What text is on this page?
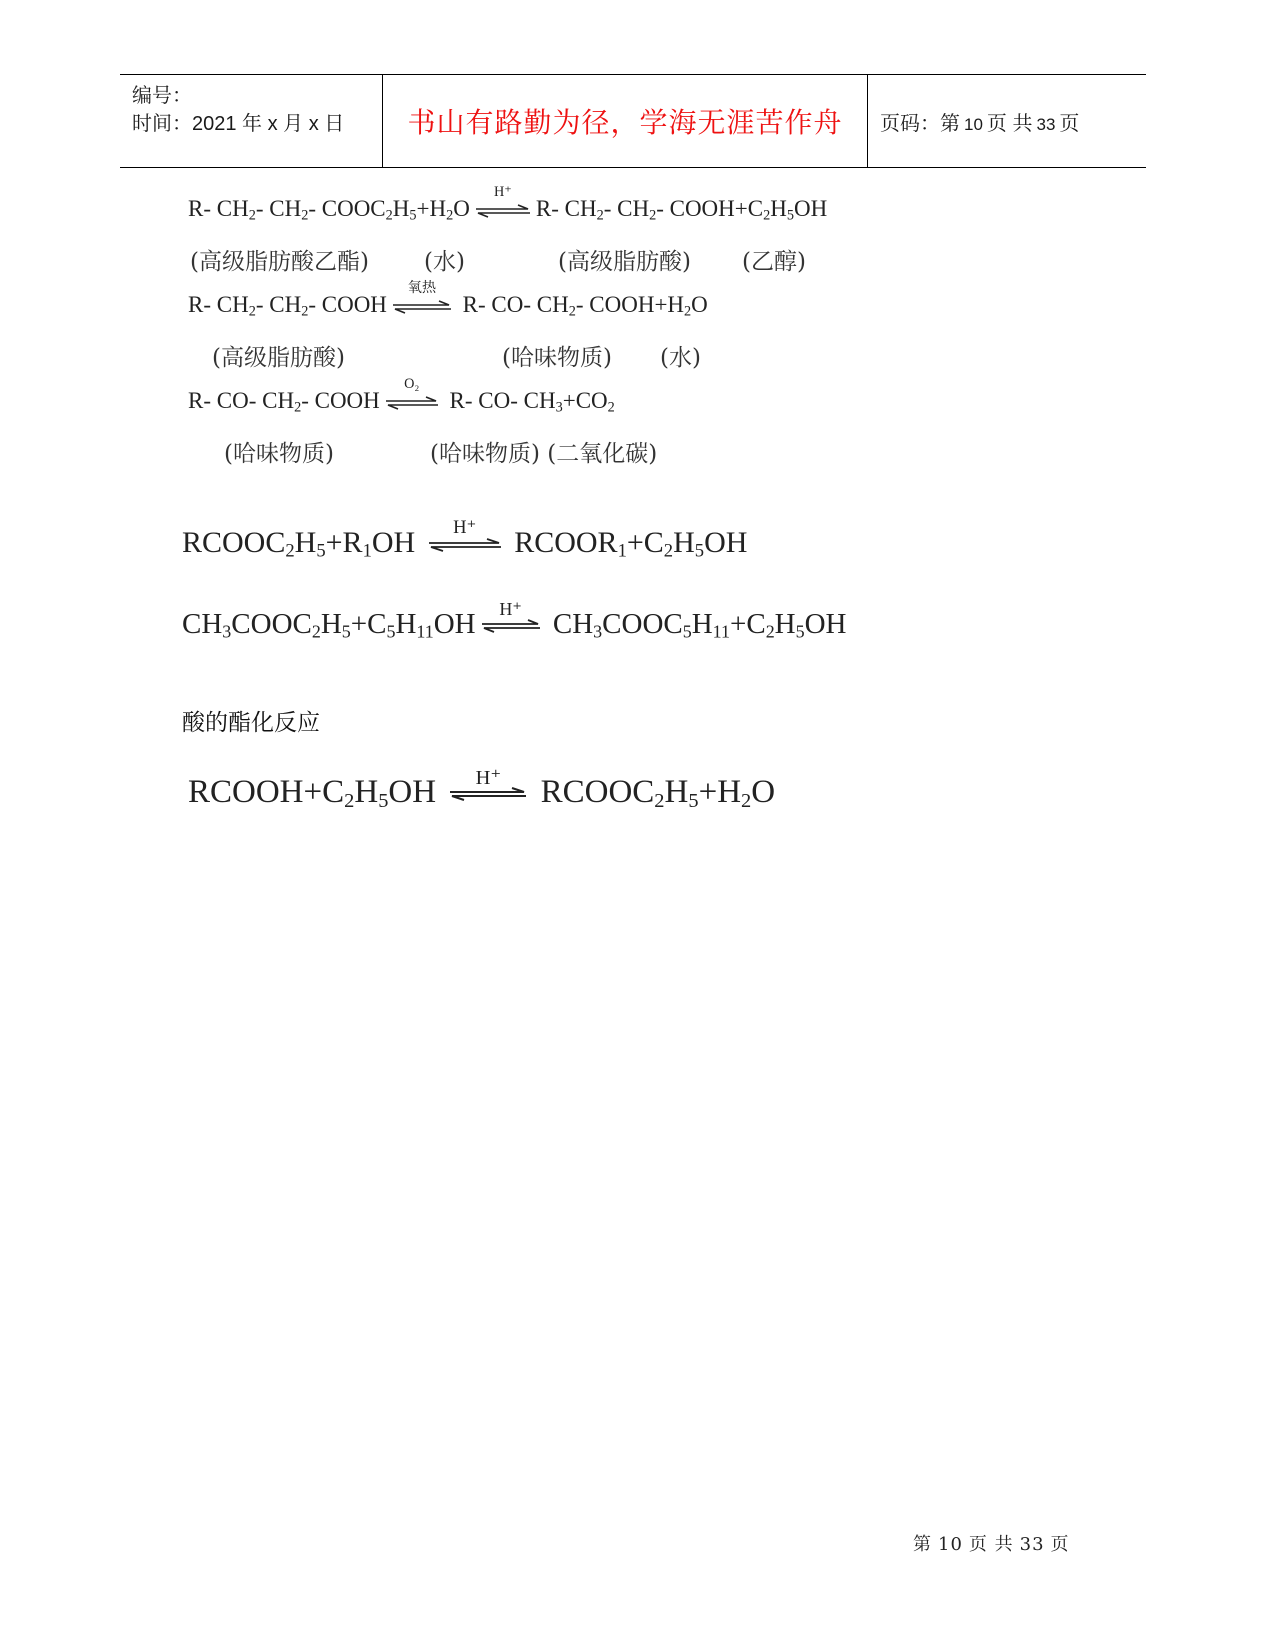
编号：
时间：2021 年 x 月 x 日 书山有路勤为径，学海无涯苦作舟 页码：第 10 页 共 33 页
R- $CH_2-$ $CH_2-$ $COOC_2H_5+H_2O$
H⁺
R- $CH_2-$ $CH_2-$ $COOH+C_2H_5OH$
(高级脂肪酸乙酯) (水)	(高级脂肪酸) (乙醇)
R- $CH_2-$ $CH_2-$ COOH
氧热
R- CO- $CH_2-$ $COOH+H_2O$
(高级脂肪酸)	(哈味物质) (水)
R- CO- $CH_2-$ COOH
O₂
R- CO- $CH_3+CO_2$
(哈味物质)	(哈味物质) (二氧化碳)
$RCOOC_2H_5+R_1OH$	H⁺	$RCOOR_1+C_2H_5OH$
$CH_3COOC_2H_5+C_5H_{11}OH$	H⁺ $CH_3COOC_5H_{11}+C_2H_5OH$
酸的酯化反应
$RCOOH+C_2H_5OH$	H⁺ $RCOOC_2H_5+H_2O$
第 10 页 共 33 页
